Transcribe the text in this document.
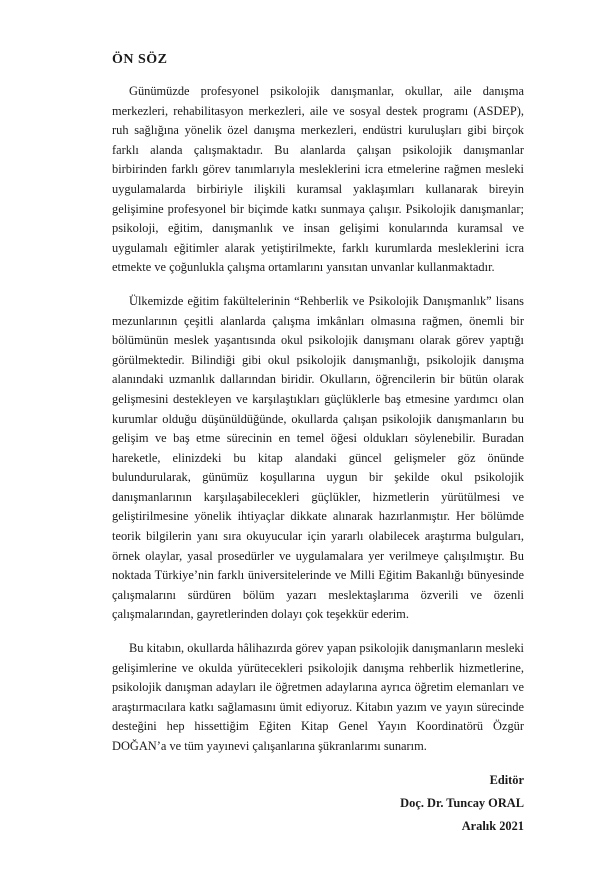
ÖN SÖZ

Günümüzde profesyonel psikolojik danışmanlar, okullar, aile danışma merkezleri, rehabilitasyon merkezleri, aile ve sosyal destek programı (ASDEP), ruh sağlığına yönelik özel danışma merkezleri, endüstri kuruluşları gibi birçok farklı alanda çalışmaktadır. Bu alanlarda çalışan psikolojik danışmanlar birbirinden farklı görev tanımlarıyla mesleklerini icra etmelerine rağmen mesleki uygulamalarda birbiriyle ilişkili kuramsal yaklaşımları kullanarak bireyin gelişimine profesyonel bir biçimde katkı sunmaya çalışır. Psikolojik danışmanlar; psikoloji, eğitim, danışmanlık ve insan gelişimi konularında kuramsal ve uygulamalı eğitimler alarak yetiştirilmekte, farklı kurumlarda mesleklerini icra etmekte ve çoğunlukla çalışma ortamlarını yansıtan unvanlar kullanmaktadır.

Ülkemizde eğitim fakültelerinin “Rehberlik ve Psikolojik Danışmanlık” lisans mezunlarının çeşitli alanlarda çalışma imkânları olmasına rağmen, önemli bir bölümünün meslek yaşantısında okul psikolojik danışmanı olarak görev yaptığı görülmektedir. Bilindiği gibi okul psikolojik danışmanlığı, psikolojik danışma alanındaki uzmanlık dallarından biridir. Okulların, öğrencilerin bir bütün olarak gelişmesini destekleyen ve karşılaştıkları güçlüklerle baş etmesine yardımcı olan kurumlar olduğu düşünüldüğünde, okullarda çalışan psikolojik danışmanların bu gelişim ve baş etme sürecinin en temel öğesi oldukları söylenebilir. Buradan hareketle, elinizdeki bu kitap alandaki güncel gelişmeler göz önünde bulundurularak, günümüz koşullarına uygun bir şekilde okul psikolojik danışmanlarının karşılaşabilecekleri güçlükler, hizmetlerin yürütülmesi ve geliştirilmesine yönelik ihtiyaçlar dikkate alınarak hazırlanmıştır. Her bölümde teorik bilgilerin yanı sıra okuyucular için yararlı olabilecek araştırma bulguları, örnek olaylar, yasal prosedürler ve uygulamalara yer verilmeye çalışılmıştır. Bu noktada Türkiye’nin farklı üniversitelerinde ve Milli Eğitim Bakanlığı bünyesinde çalışmalarını sürdüren bölüm yazarı meslektaşlarıma özverili ve özenli çalışmalarından, gayretlerinden dolayı çok teşekkür ederim.

Bu kitabın, okullarda hâlihazırda görev yapan psikolojik danışmanların mesleki gelişimlerine ve okulda yürütecekleri psikolojik danışma rehberlik hizmetlerine, psikolojik danışman adayları ile öğretmen adaylarına ayrıca öğretim elemanları ve araştırmacılara katkı sağlamasını ümit ediyoruz. Kitabın yazım ve yayın sürecinde desteğini hep hissettiğim Eğiten Kitap Genel Yayın Koordinatörü Özgür DOĞAN’a ve tüm yayınevi çalışanlarına şükranlarımı sunarım.

Editör
Doç. Dr. Tuncay ORAL
Aralık 2021
